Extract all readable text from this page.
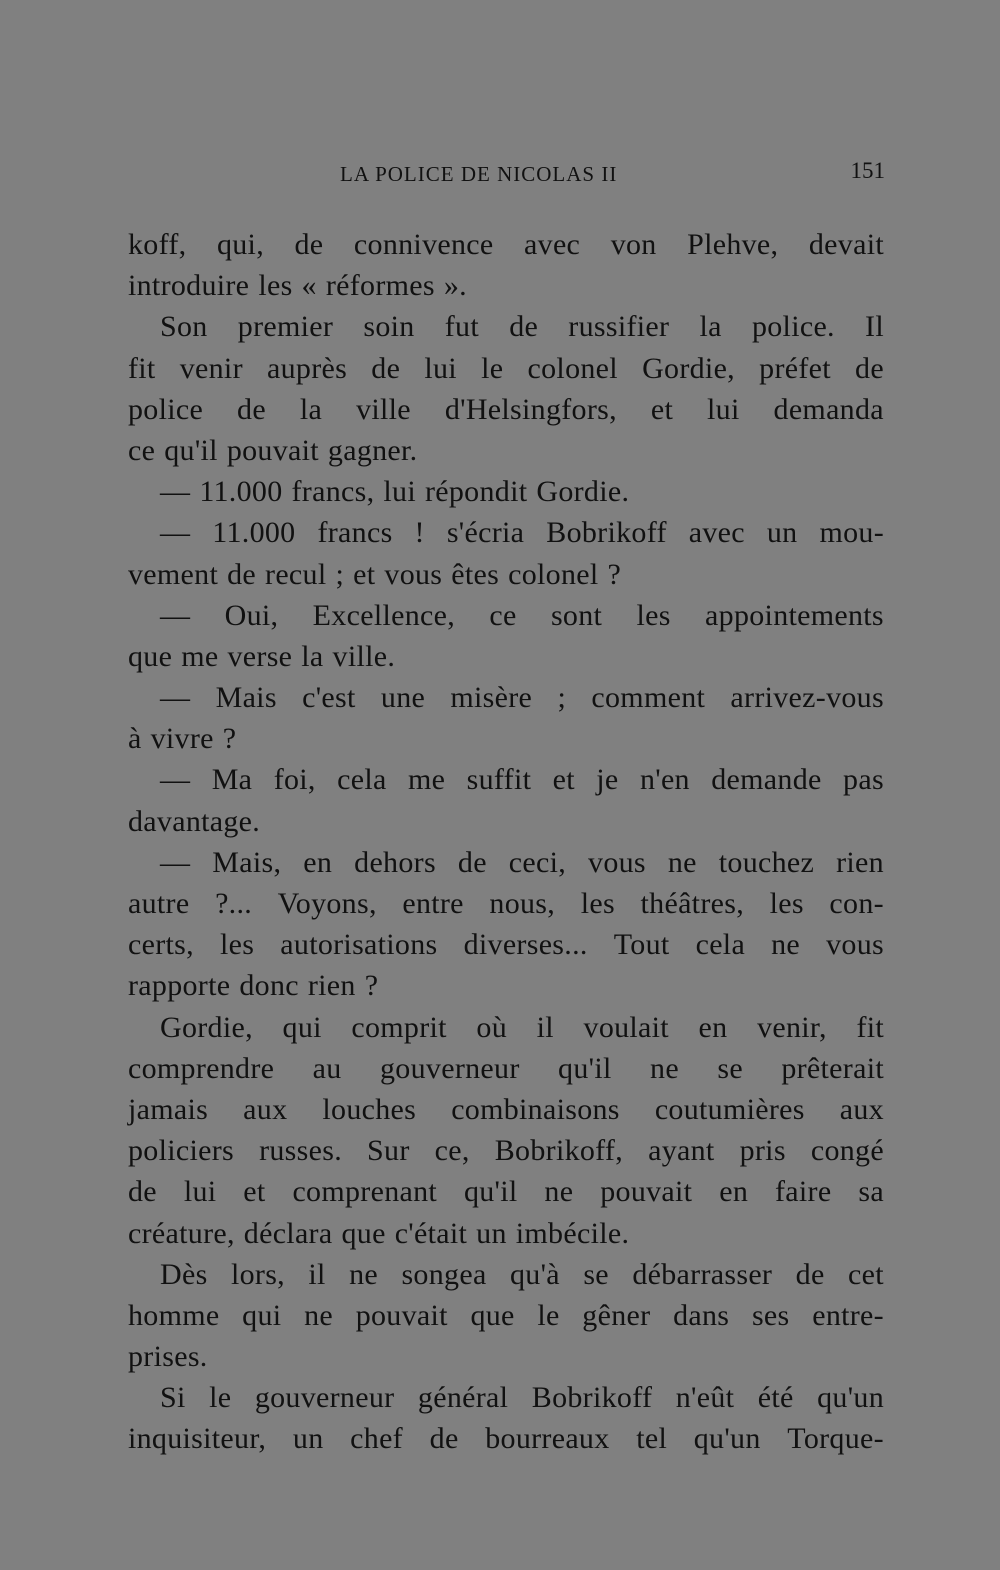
LA POLICE DE NICOLAS II	151
koff, qui, de connivence avec von Plehve, devait
introduire les « réformes ».
Son premier soin fut de russifier la police. Il
fit venir auprès de lui le colonel Gordie, préfet de
police de la ville d'Helsingfors, et lui demanda
ce qu'il pouvait gagner.
— 11.000 francs, lui répondit Gordie.
— 11.000 francs ! s'écria Bobrikoff avec un mou-
vement de recul ; et vous êtes colonel ?
— Oui, Excellence, ce sont les appointements
que me verse la ville.
— Mais c'est une misère ; comment arrivez-vous
à vivre ?
— Ma foi, cela me suffit et je n'en demande pas
davantage.
— Mais, en dehors de ceci, vous ne touchez rien
autre ?... Voyons, entre nous, les théâtres, les con-
certs, les autorisations diverses... Tout cela ne vous
rapporte donc rien ?
Gordie, qui comprit où il voulait en venir, fit
comprendre au gouverneur qu'il ne se prêterait
jamais aux louches combinaisons coutumières aux
policiers russes. Sur ce, Bobrikoff, ayant pris congé
de lui et comprenant qu'il ne pouvait en faire sa
créature, déclara que c'était un imbécile.
Dès lors, il ne songea qu'à se débarrasser de cet
homme qui ne pouvait que le gêner dans ses entre-
prises.
Si le gouverneur général Bobrikoff n'eût été qu'un
inquisiteur, un chef de bourreaux tel qu'un Torque-
